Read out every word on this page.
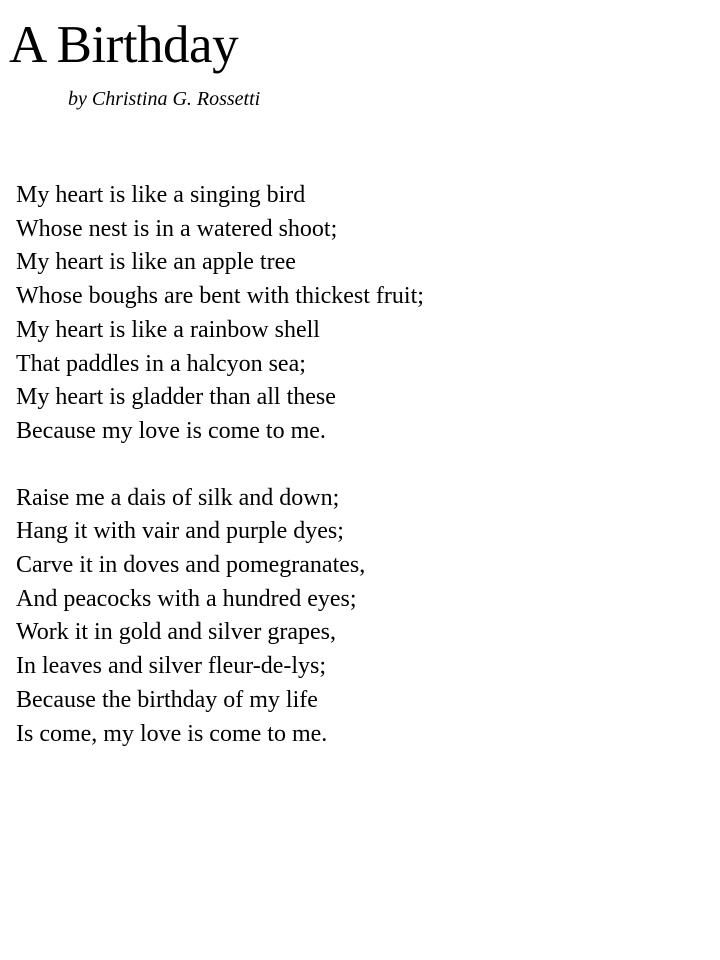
A Birthday

by Christina G. Rossetti

My heart is like a singing bird
Whose nest is in a watered shoot;
My heart is like an apple tree
Whose boughs are bent with thickest fruit;
My heart is like a rainbow shell
That paddles in a halcyon sea;
My heart is gladder than all these
Because my love is come to me.
Raise me a dais of silk and down;
Hang it with vair and purple dyes;
Carve it in doves and pomegranates,
And peacocks with a hundred eyes;
Work it in gold and silver grapes,
In leaves and silver fleur-de-lys;
Because the birthday of my life
Is come, my love is come to me.
